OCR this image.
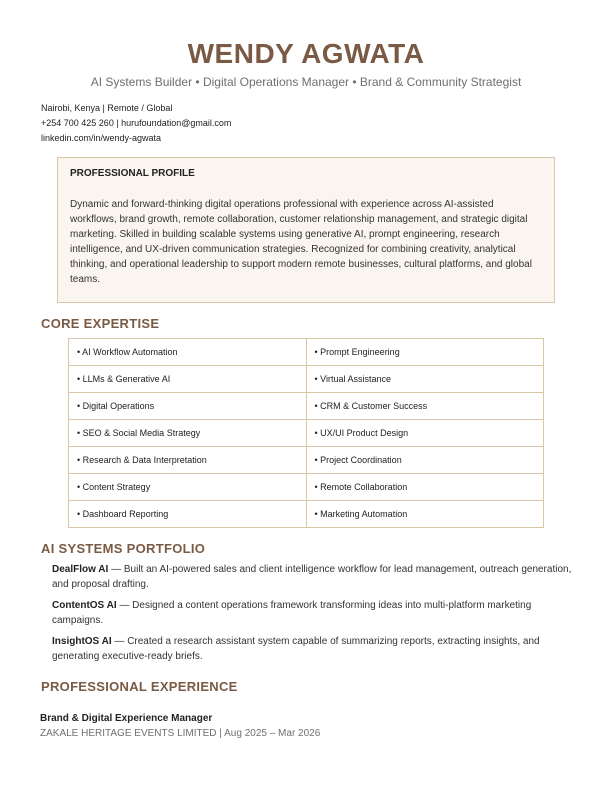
WENDY AGWATA
AI Systems Builder • Digital Operations Manager • Brand & Community Strategist
Nairobi, Kenya | Remote / Global
+254 700 425 260 | hurufoundation@gmail.com
linkedin.com/in/wendy-agwata
PROFESSIONAL PROFILE
Dynamic and forward-thinking digital operations professional with experience across AI-assisted workflows, brand growth, remote collaboration, customer relationship management, and strategic digital marketing. Skilled in building scalable systems using generative AI, prompt engineering, research intelligence, and UX-driven communication strategies. Recognized for combining creativity, analytical thinking, and operational leadership to support modern remote businesses, cultural platforms, and global teams.
CORE EXPERTISE
• AI Workflow Automation	• Prompt Engineering
• LLMs & Generative AI	• Virtual Assistance
• Digital Operations	• CRM & Customer Success
• SEO & Social Media Strategy	• UX/UI Product Design
• Research & Data Interpretation	• Project Coordination
• Content Strategy	• Remote Collaboration
• Dashboard Reporting	• Marketing Automation
AI SYSTEMS PORTFOLIO
DealFlow AI — Built an AI-powered sales and client intelligence workflow for lead management, outreach generation, and proposal drafting.
ContentOS AI — Designed a content operations framework transforming ideas into multi-platform marketing campaigns.
InsightOS AI — Created a research assistant system capable of summarizing reports, extracting insights, and generating executive-ready briefs.
PROFESSIONAL EXPERIENCE
Brand & Digital Experience Manager
ZAKALE HERITAGE EVENTS LIMITED | Aug 2025 – Mar 2026
